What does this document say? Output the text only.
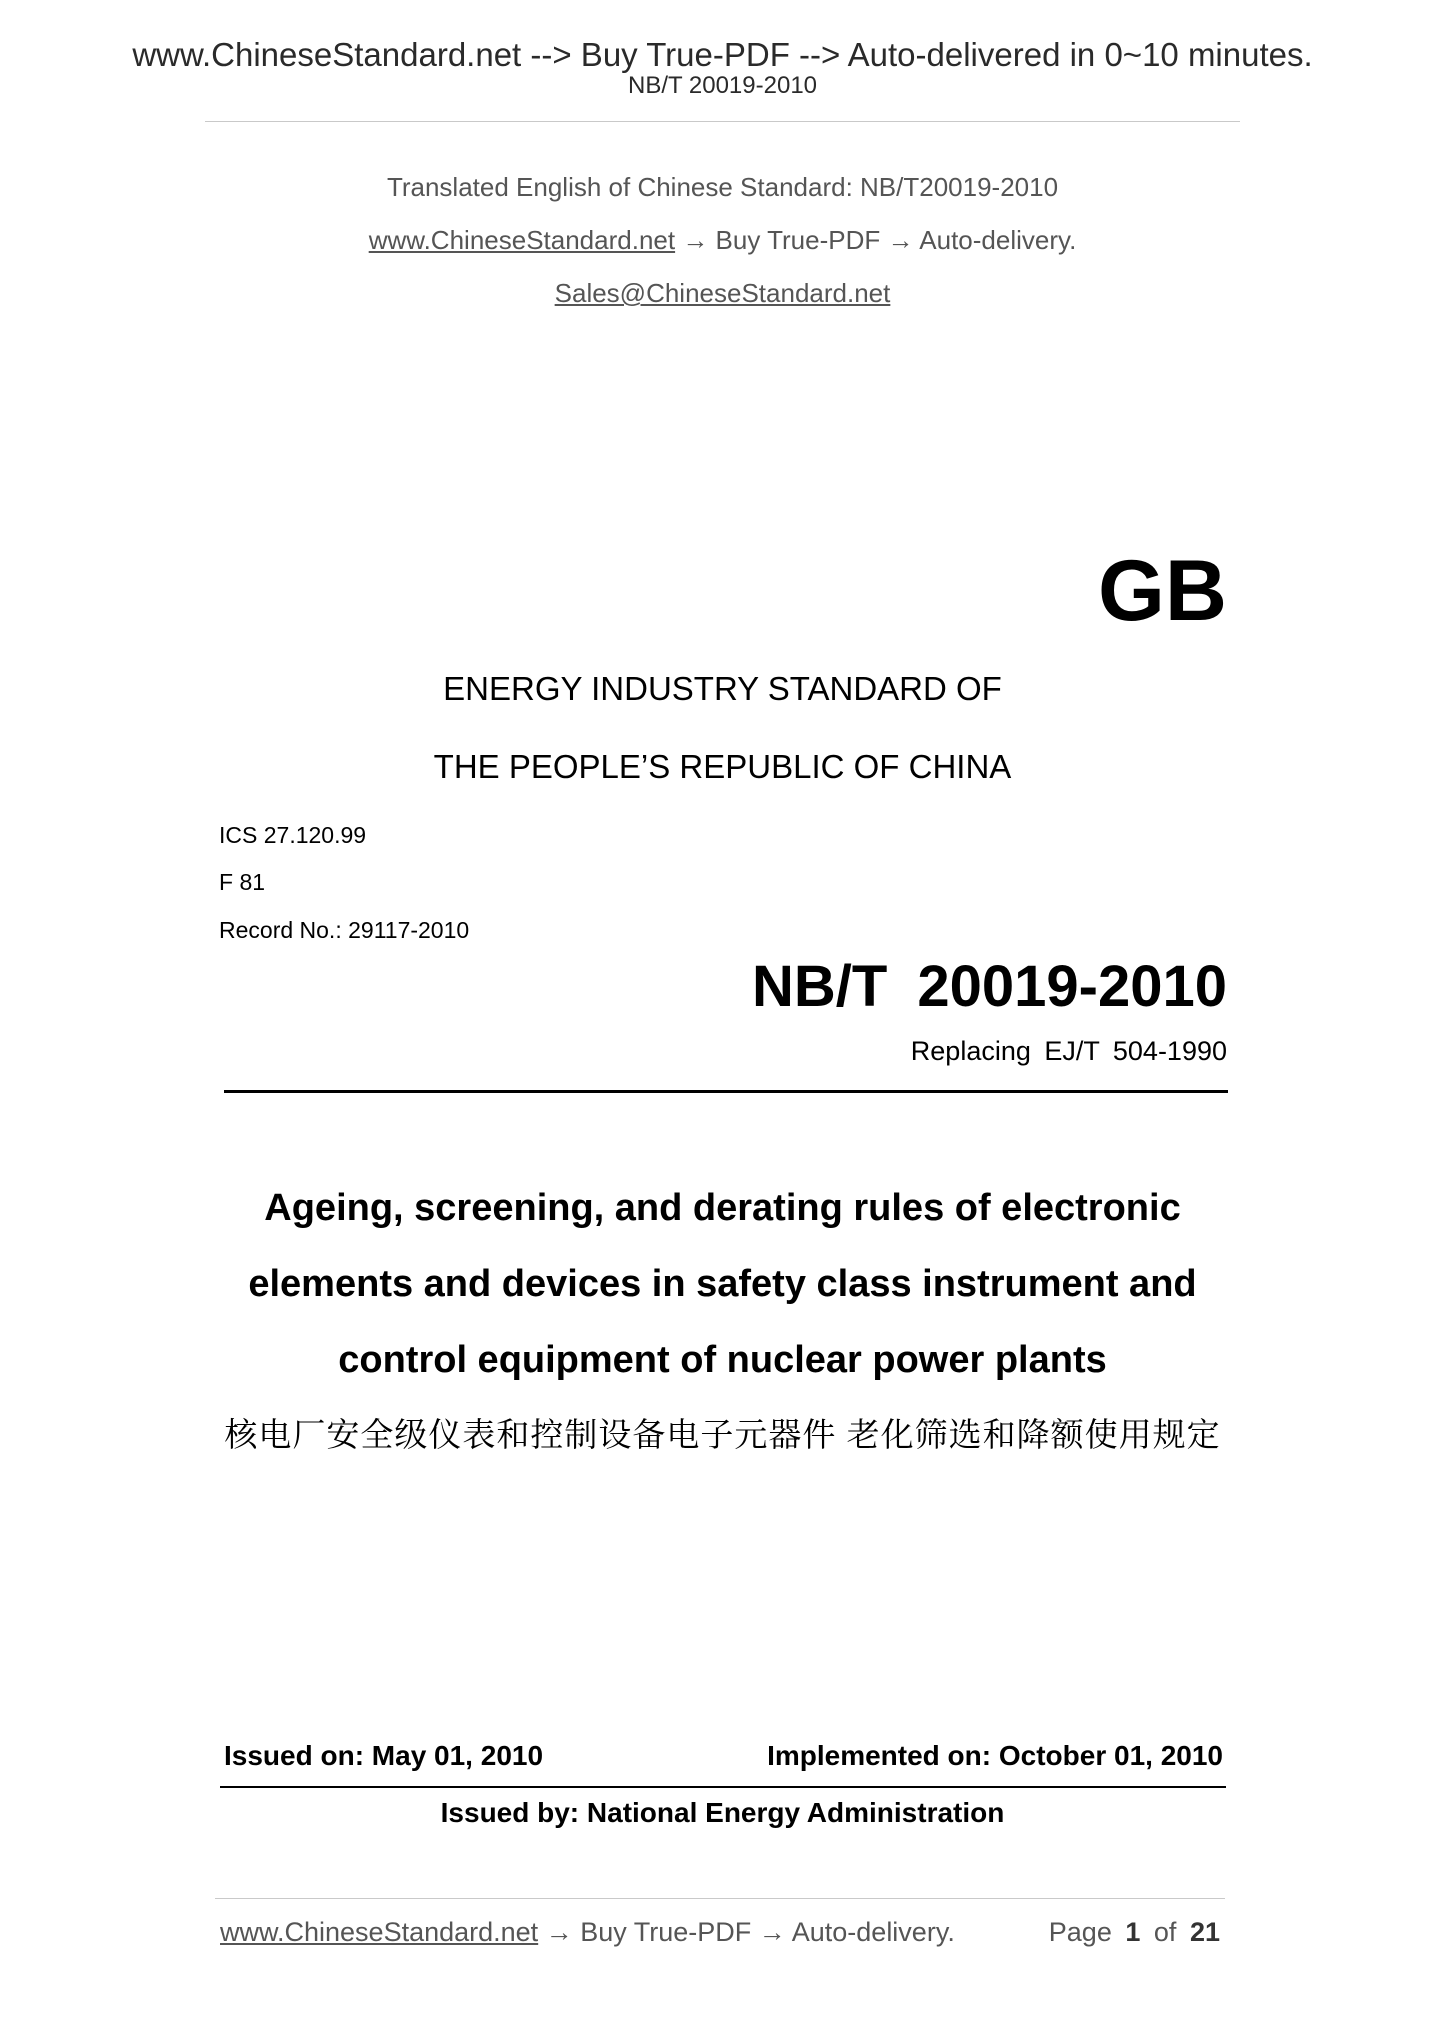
www.ChineseStandard.net --> Buy True-PDF --> Auto-delivered in 0~10 minutes.
NB/T 20019-2010
Translated English of Chinese Standard: NB/T20019-2010
www.ChineseStandard.net → Buy True-PDF → Auto-delivery.
Sales@ChineseStandard.net
GB
ENERGY INDUSTRY STANDARD OF
THE PEOPLE’S REPUBLIC OF CHINA
ICS 27.120.99
F 81
Record No.: 29117-2010
NB/T 20019-2010
Replacing EJ/T 504-1990
Ageing, screening, and derating rules of electronic
elements and devices in safety class instrument and
control equipment of nuclear power plants
核电厂安全级仪表和控制设备电子元器件 老化筛选和降额使用规定
Issued on: May 01, 2010	Implemented on: October 01, 2010
Issued by: National Energy Administration
www.ChineseStandard.net → Buy True-PDF → Auto-delivery.	Page 1 of 21
